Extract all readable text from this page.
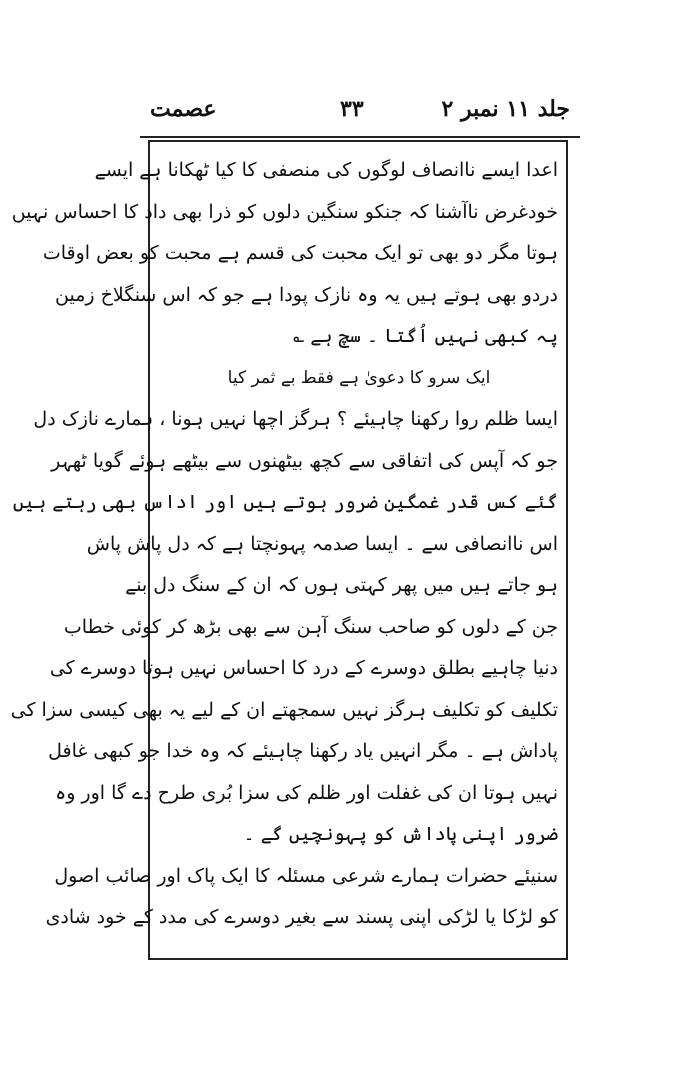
جلد ۱۱ نمبر ۲
۳۳
عصمت
اعدا ایسے ناانصاف لوگوں کی منصفی کا کیا ٹھکانا ہے ایسے
خودغرض ناآشنا کہ جنکو سنگین دلوں کو ذرا بھی داد کا احساس نہیں
ہوتا مگر دو بھی تو ایک محبت کی قسم ہے محبت کو بعض اوقات
دردو بھی ہوتے ہیں یہ وہ نازک پودا ہے جو کہ اس سنگلاخ زمین
پہ کبھی نہیں اُگتا ۔ سچ ہے ؎
ایک سرو کا دعویٰ ہے فقط بے ثمر کیا
ایسا ظلم روا رکھنا چاہیئے ؟ ہرگز اچھا نہیں ہونا ، ہمارے نازک دل
جو کہ آپس کی اتفاقی سے کچھ بیٹھنوں سے بیٹھے ہوئے گویا ٹھہر
گئے کس قدر غمگین ضرور ہوتے ہیں اور اداس بھی رہتے ہیں
اس ناانصافی سے ۔ ایسا صدمہ پہونچتا ہے کہ دل پاش پاش
ہو جاتے ہیں میں پھر کہتی ہوں کہ ان کے سنگ دل بنے
جن کے دلوں کو صاحب سنگ آہن سے بھی بڑھ کر کوئی خطاب
دنیا چاہیے بطلق دوسرے کے درد کا احساس نہیں ہوتا دوسرے کی
تکلیف کو تکلیف ہرگز نہیں سمجھتے ان کے لیے یہ بھی کیسی سزا کی
پاداش ہے ۔ مگر انہیں یاد رکھنا چاہیئے کہ وہ خدا جو کبھی غافل
نہیں ہوتا ان کی غفلت اور ظلم کی سزا بُری طرح دے گا اور وہ
ضرور اپنی پاداش کو پہونچیں گے ۔
سنیئے حضرات ہمارے شرعی مسئلہ کا ایک پاک اور صائب اصول
کو لڑکا یا لڑکی اپنی پسند سے بغیر دوسرے کی مدد کے خود شادی
